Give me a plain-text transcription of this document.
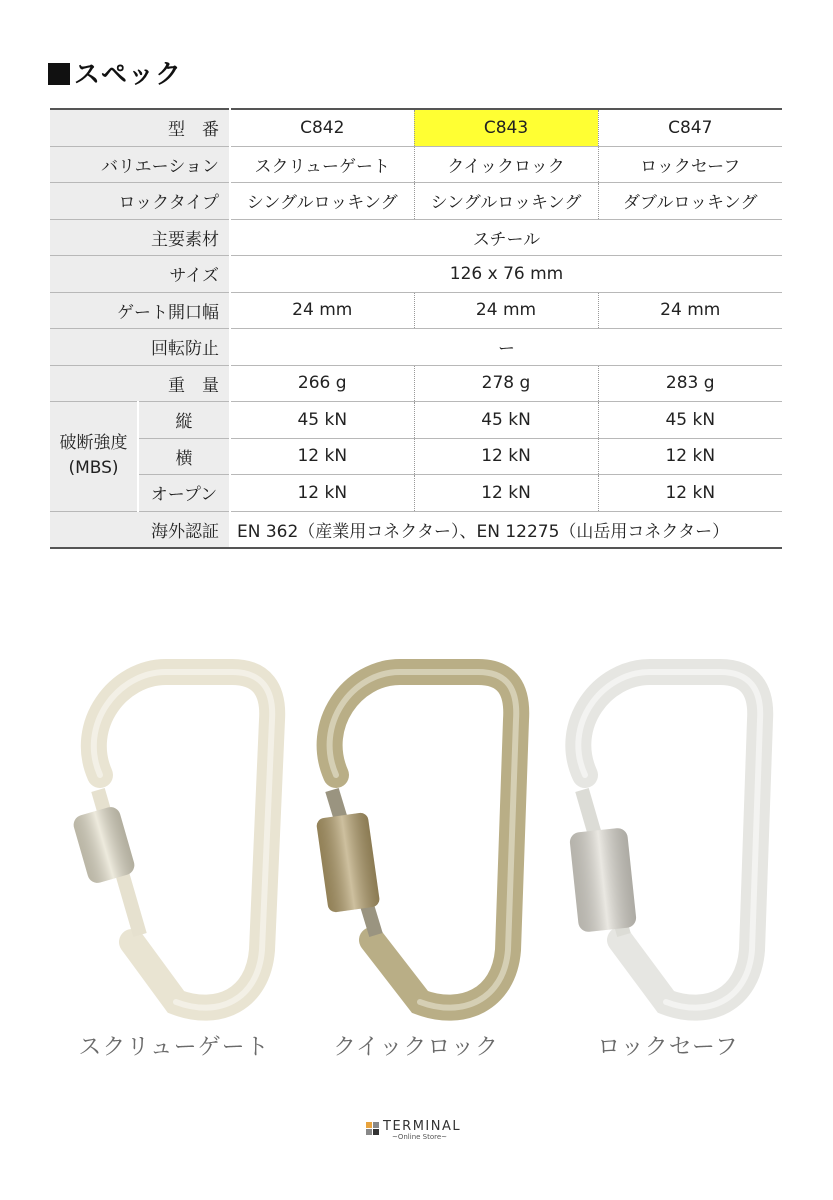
スペック
型　番		C842	C843	C847
バリエーション		スクリューゲート	クイックロック	ロックセーフ
ロックタイプ		シングルロッキング	シングルロッキング	ダブルロッキング
主要素材		スチール		
サイズ		126 x 76 mm		
ゲート開口幅		24 mm	24 mm	24 mm
回転防止		ー		
重　量		266 g	278 g	283 g

破断強度
(MBS)	縦	45 kN	45 kN	45 kN
	横	12 kN	12 kN	12 kN
	オープン	12 kN	12 kN	12 kN
海外認証		EN 362（産業用コネクター）、EN 12275（山岳用コネクター）		
スクリューゲート	クイックロック	ロックセーフ
TERMINAL
~Online Store~
